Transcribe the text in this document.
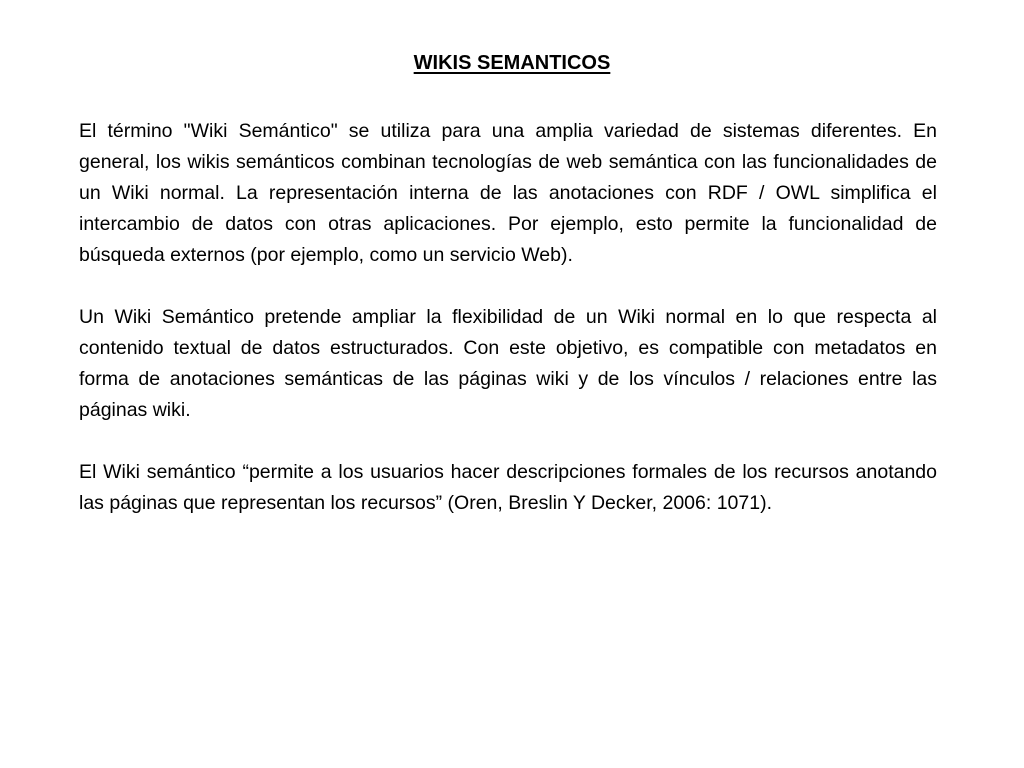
WIKIS SEMANTICOS

El término "Wiki Semántico" se utiliza para una amplia variedad de sistemas diferentes. En general, los wikis semánticos combinan tecnologías de web semántica con las funcionalidades de un Wiki normal. La representación interna de las anotaciones con RDF / OWL simplifica el intercambio de datos con otras aplicaciones. Por ejemplo, esto permite la funcionalidad de búsqueda externos (por ejemplo, como un servicio Web).

Un Wiki Semántico pretende ampliar la flexibilidad de un Wiki normal en lo que respecta al contenido textual de datos estructurados. Con este objetivo, es compatible con metadatos en forma de anotaciones semánticas de las páginas wiki y de los vínculos / relaciones entre las páginas wiki.

El Wiki semántico “permite a los usuarios hacer descripciones formales de los recursos anotando las páginas que representan los recursos” (Oren, Breslin Y Decker, 2006: 1071).
